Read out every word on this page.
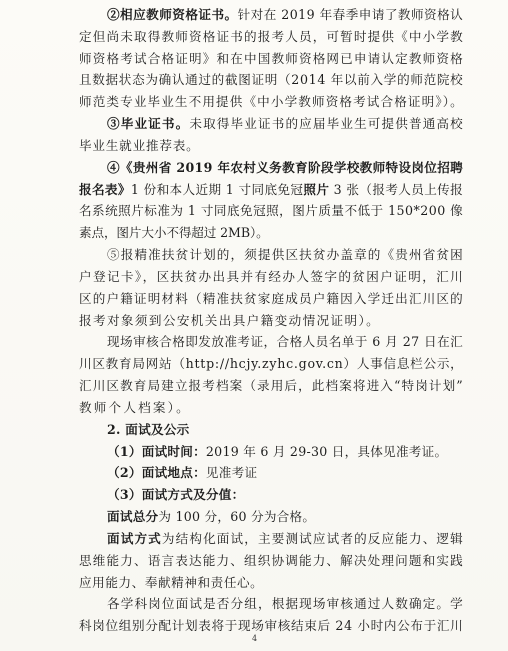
4
②相应教师资格证书。针对在 2019 年春季申请了教师资格认
定但尚未取得教师资格证书的报考人员，可暂时提供《中小学教
师资格考试合格证明》和在中国教师资格网已申请认定教师资格
且数据状态为确认通过的截图证明（2014 年以前入学的师范院校
师范类专业毕业生不用提供《中小学教师资格考试合格证明》）。
③毕业证书。未取得毕业证书的应届毕业生可提供普通高校
毕业生就业推荐表。
④《贵州省 2019 年农村义务教育阶段学校教师特设岗位招聘
报名表》1 份和本人近期 1 寸同底免冠照片 3 张（报考人员上传报
名系统照片标准为 1 寸同底免冠照，图片质量不低于 150*200 像
素点，图片大小不得超过 2MB）。
⑤报精准扶贫计划的，须提供区扶贫办盖章的《贵州省贫困
户登记卡》，区扶贫办出具并有经办人签字的贫困户证明，汇川
区的户籍证明材料（精准扶贫家庭成员户籍因入学迁出汇川区的
报考对象须到公安机关出具户籍变动情况证明）。
现场审核合格即发放准考证，合格人员名单于 6 月 27 日在汇
川区教育局网站（http://hcjy.zyhc.gov.cn）人事信息栏公示，
汇川区教育局建立报考档案（录用后，此档案将进入“特岗计划”
教师个人档案）。
2. 面试及公示
（1）面试时间：2019 年 6 月 29-30 日，具体见准考证。
（2）面试地点：见准考证
（3）面试方式及分值：
面试总分为 100 分，60 分为合格。
面试方式为结构化面试，主要测试应试者的反应能力、逻辑
思维能力、语言表达能力、组织协调能力、解决处理问题和实践
应用能力、奉献精神和责任心。
各学科岗位面试是否分组，根据现场审核通过人数确定。学
科岗位组别分配计划表将于现场审核结束后 24 小时内公布于汇川
